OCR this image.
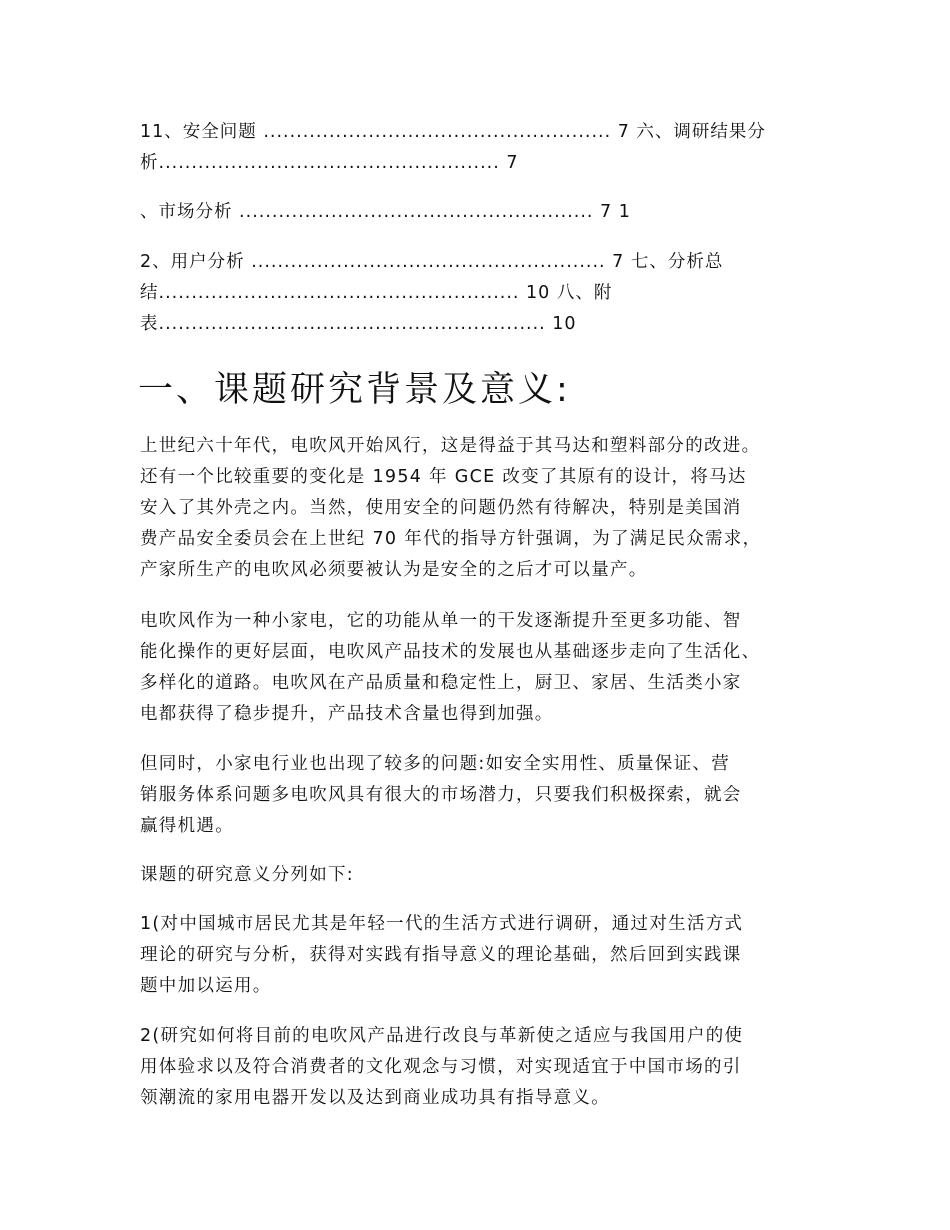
11、安全问题 ..................................................... 7 六、调研结果分
析.................................................... 7
、市场分析 ...................................................... 7 1
2、用户分析 ...................................................... 7 七、分析总
结....................................................... 10 八、附
表........................................................... 10
一、课题研究背景及意义:
上世纪六十年代，电吹风开始风行，这是得益于其马达和塑料部分的改进。
还有一个比较重要的变化是 1954 年 GCE 改变了其原有的设计，将马达
安入了其外壳之内。当然，使用安全的问题仍然有待解决，特别是美国消
费产品安全委员会在上世纪 70 年代的指导方针强调，为了满足民众需求，
产家所生产的电吹风必须要被认为是安全的之后才可以量产。
电吹风作为一种小家电，它的功能从单一的干发逐渐提升至更多功能、智
能化操作的更好层面，电吹风产品技术的发展也从基础逐步走向了生活化、
多样化的道路。电吹风在产品质量和稳定性上，厨卫、家居、生活类小家
电都获得了稳步提升，产品技术含量也得到加强。
但同时，小家电行业也出现了较多的问题:如安全实用性、质量保证、营
销服务体系问题多电吹风具有很大的市场潜力，只要我们积极探索，就会
赢得机遇。
课题的研究意义分列如下:
1(对中国城市居民尤其是年轻一代的生活方式进行调研，通过对生活方式
理论的研究与分析，获得对实践有指导意义的理论基础，然后回到实践课
题中加以运用。
2(研究如何将目前的电吹风产品进行改良与革新使之适应与我国用户的使
用体验求以及符合消费者的文化观念与习惯，对实现适宜于中国市场的引
领潮流的家用电器开发以及达到商业成功具有指导意义。
